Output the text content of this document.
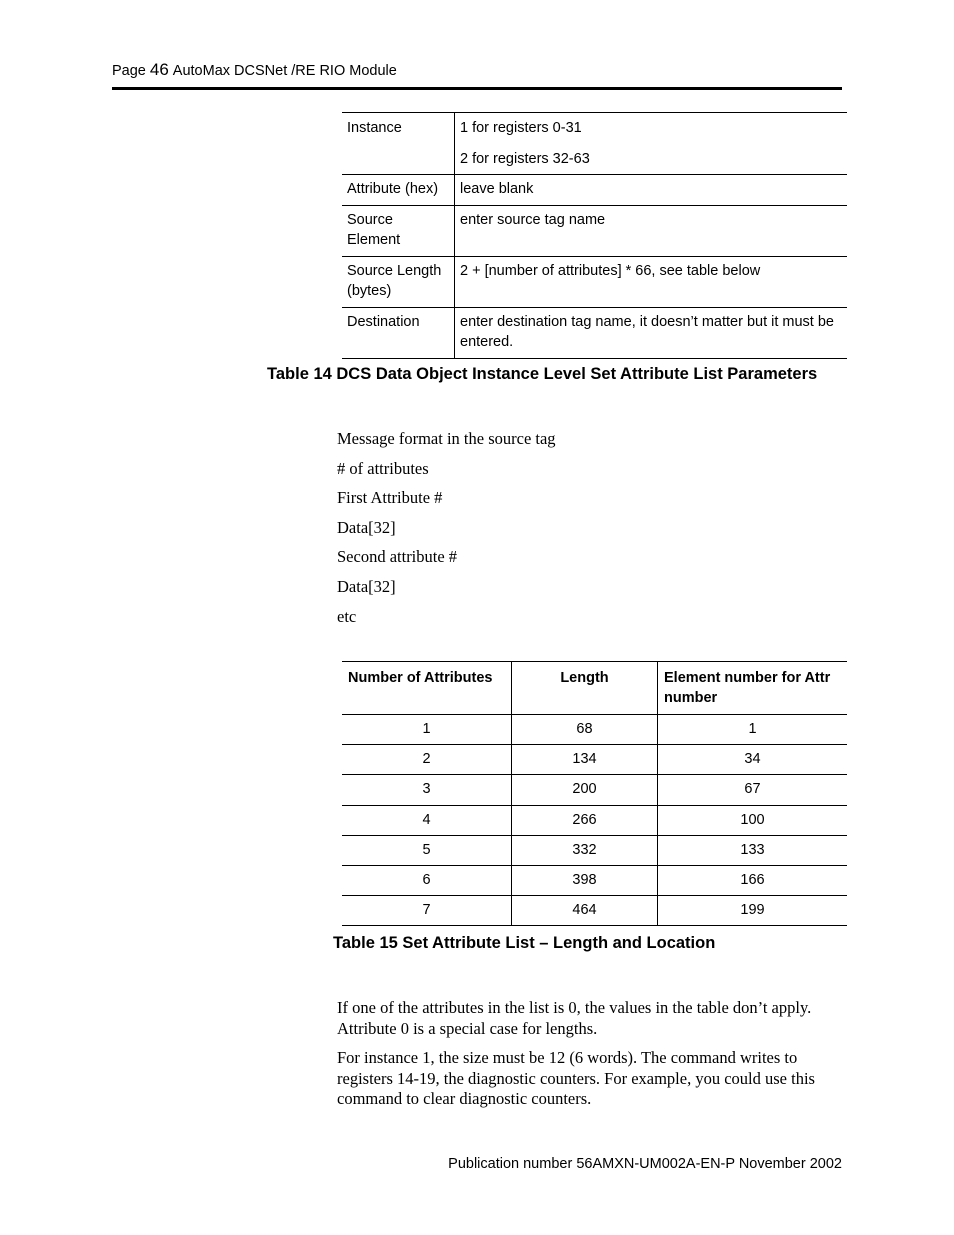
Page 46 AutoMax DCSNet /RE RIO Module
Instance	1 for registers 0-31
2 for registers 32-63

Attribute (hex)	leave blank
Source Element	enter source tag name
Source Length (bytes)	2 + [number of attributes] * 66, see table below
Destination	enter destination tag name, it doesn’t matter but it must be entered.
Table 14 DCS Data Object Instance Level Set Attribute List Parameters
Message format in the source tag
# of attributes
First Attribute #
Data[32]
Second attribute #
Data[32]
etc
Number of Attributes	Length	Element number for Attr number
1	68	1
2	134	34
3	200	67
4	266	100
5	332	133
6	398	166
7	464	199
Table 15 Set Attribute List – Length and Location

If one of the attributes in the list is 0, the values in the table don’t apply. Attribute 0 is a special case for lengths.

For instance 1, the size must be 12 (6 words). The command writes to registers 14-19, the diagnostic counters. For example, you could use this command to clear diagnostic counters.

Publication number 56AMXN-UM002A-EN-P November 2002
